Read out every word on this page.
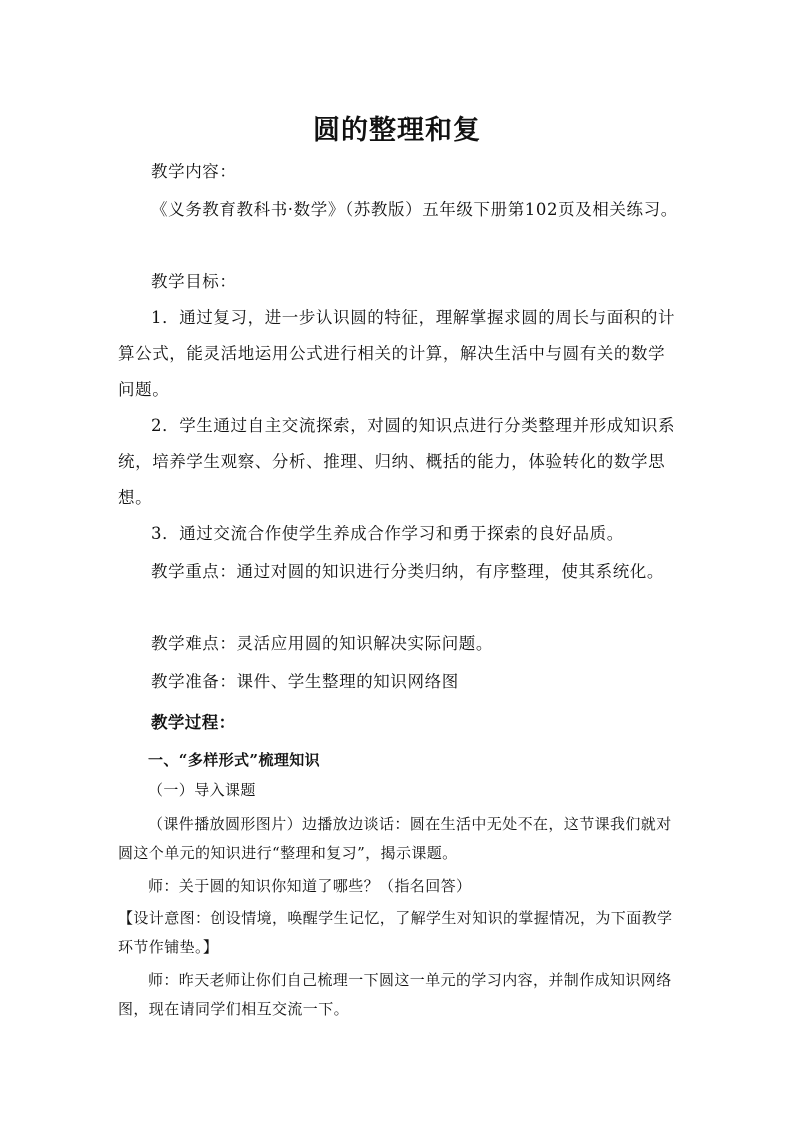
圆的整理和复

教学内容：

《义务教育教科书·数学》（苏教版）五年级下册第102页及相关练习。

教学目标：

1．通过复习，进一步认识圆的特征，理解掌握求圆的周长与面积的计算公式，能灵活地运用公式进行相关的计算，解决生活中与圆有关的数学问题。

2．学生通过自主交流探索，对圆的知识点进行分类整理并形成知识系统，培养学生观察、分析、推理、归纳、概括的能力，体验转化的数学思想。

3．通过交流合作使学生养成合作学习和勇于探索的良好品质。

教学重点：通过对圆的知识进行分类归纳，有序整理，使其系统化。

教学难点：灵活应用圆的知识解决实际问题。

教学准备：课件、学生整理的知识网络图

教学过程：

一、“多样形式”梳理知识

（一）导入课题

（课件播放圆形图片）边播放边谈话：圆在生活中无处不在，这节课我们就对圆这个单元的知识进行“整理和复习”，揭示课题。

师：关于圆的知识你知道了哪些？（指名回答）

【设计意图：创设情境，唤醒学生记忆，了解学生对知识的掌握情况，为下面教学环节作铺垫。】

师：昨天老师让你们自己梳理一下圆这一单元的学习内容，并制作成知识网络图，现在请同学们相互交流一下。
